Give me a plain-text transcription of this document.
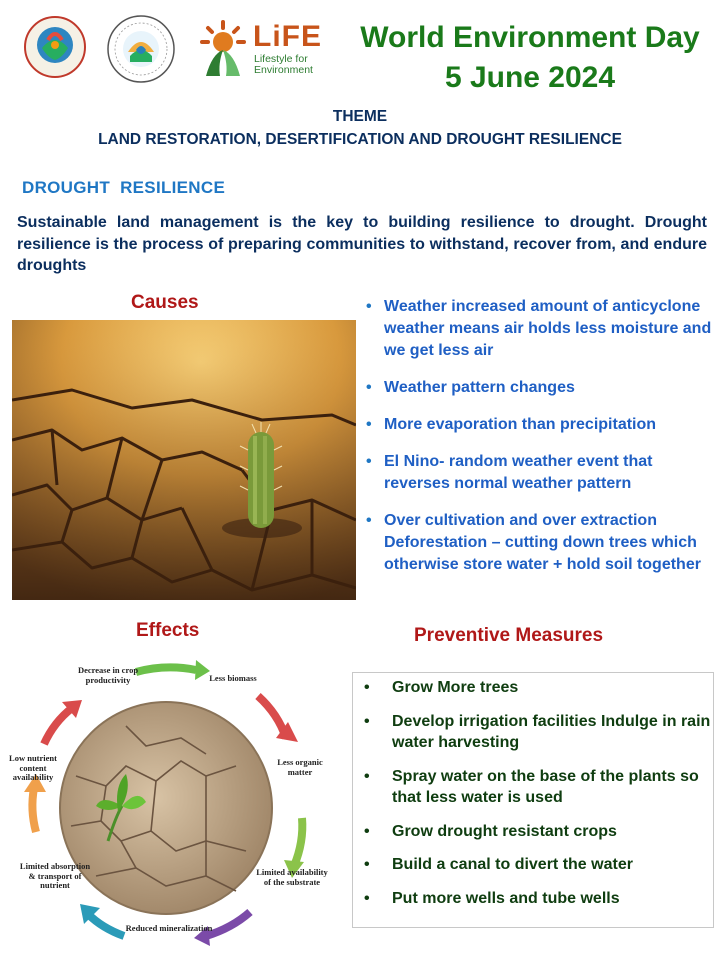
LiFE
Lifestyle for
Environment
World Environment Day
5 June 2024
THEME
LAND RESTORATION, DESERTIFICATION AND DROUGHT RESILIENCE
DROUGHT  RESILIENCE
Sustainable land management is the key to building resilience to drought. Drought resilience is the process of preparing communities to withstand, recover from, and endure droughts
Causes
•	Weather increased amount of anticyclone weather means air holds less moisture and we get less air
• Weather pattern changes
• More evaporation than precipitation
• El Nino- random weather event that reverses normal weather pattern
• Over cultivation and over extraction Deforestation – cutting down trees which otherwise store water + hold soil together
Effects
Decrease in crop productivity	Less biomass
Less organic matter
Limited availability of the substrate
Reduced mineralization
Limited absorption & transport of nutrient
Low nutrient content availability
Preventive Measures
• Grow More trees
• Develop irrigation facilities Indulge in rain water harvesting
• Spray water on the base of the plants so that less water is used
• Grow drought resistant crops
• Build a canal to divert the water
• Put more wells and tube wells
